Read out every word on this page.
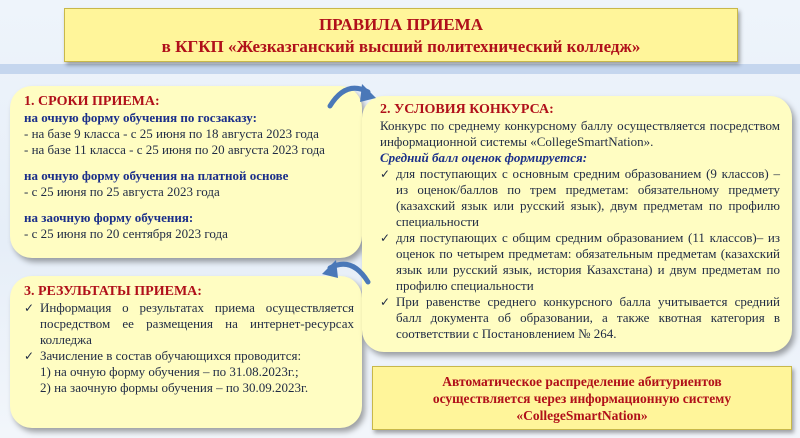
ПРАВИЛА ПРИЕМА
в КГКП «Жезказганский высший политехнический колледж»
1. СРОКИ ПРИЕМА:
на очную форму обучения по госзаказу:
- на базе 9 класса - с 25 июня по 18 августа 2023 года
- на базе 11 класса - с 25 июня по 20 августа 2023 года
на очную форму обучения на платной основе
- с 25 июня по 25 августа 2023 года
на заочную форму обучения:
- с 25 июня по 20 сентября 2023 года
3. РЕЗУЛЬТАТЫ ПРИЕМА:
✓ Информация о результатах приема осуществляется посредством ее размещения на интернет-ресурсах колледжа
✓ Зачисление в состав обучающихся проводится:
1) на очную форму обучения – по 31.08.2023г.;
2) на заочную формы обучения – по 30.09.2023г.
2. УСЛОВИЯ КОНКУРСА:
Конкурс по среднему конкурсному баллу осуществляется посредством информационной системы «CollegeSmartNation».
Средний балл оценок формируется:
✓ для поступающих с основным средним образованием (9 классов) – из оценок/баллов по трем предметам: обязательному предмету (казахский язык или русский язык), двум предметам по профилю специальности
✓ для поступающих с общим средним образованием (11 классов)– из оценок по четырем предметам: обязательным предметам (казахский язык или русский язык, история Казахстана) и двум предметам по профилю специальности
✓ При равенстве среднего конкурсного балла учитывается средний балл документа об образовании, а также квотная категория в соответствии с Постановлением № 264.
Автоматическое распределение абитуриентов
осуществляется через информационную систему
«CollegeSmartNation»
